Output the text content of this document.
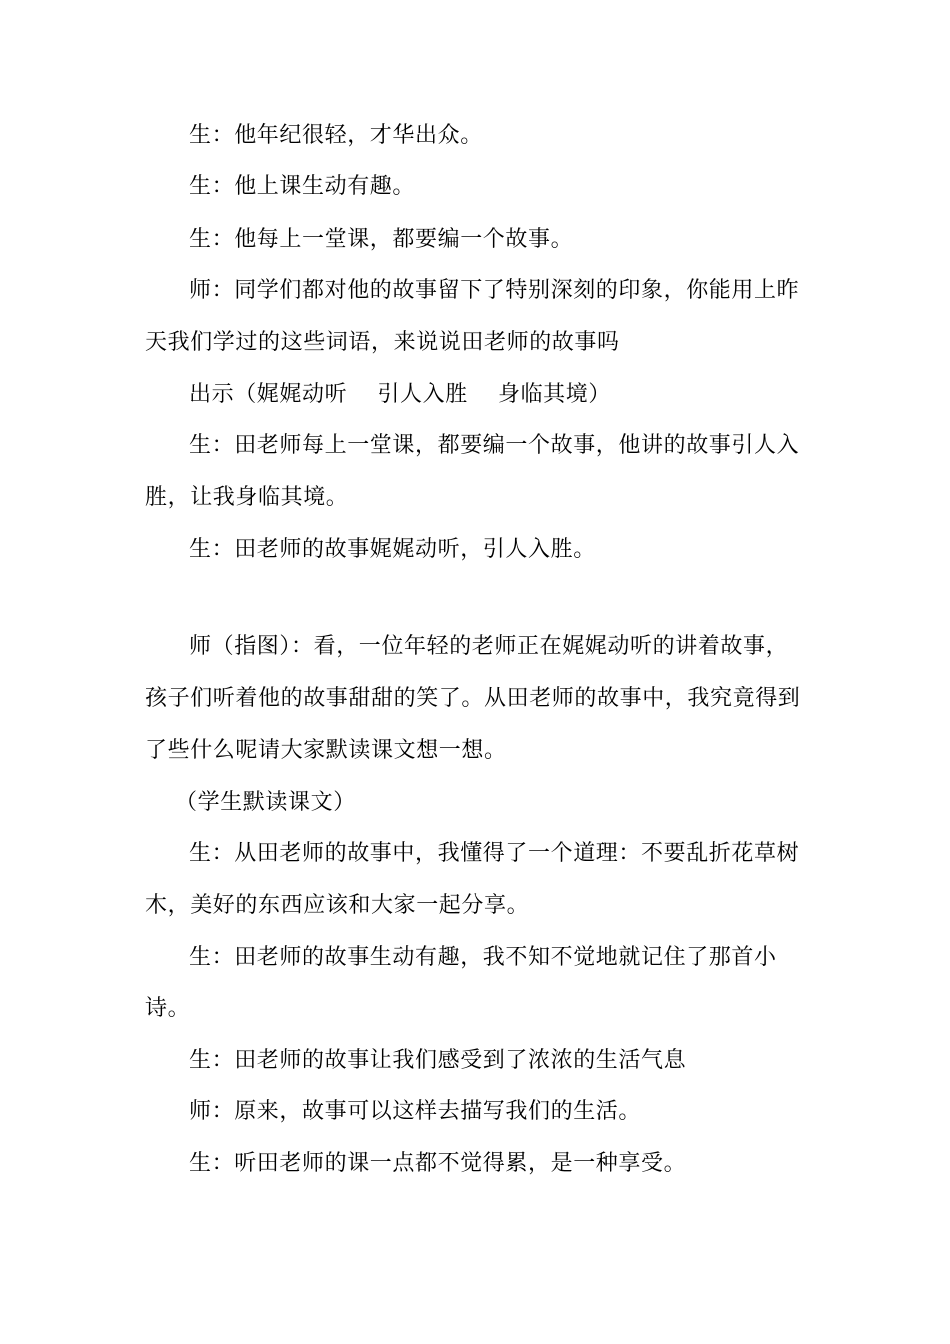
生：他年纪很轻，才华出众。
生：他上课生动有趣。
生：他每上一堂课，都要编一个故事。
师：同学们都对他的故事留下了特别深刻的印象，你能用上昨
天我们学过的这些词语，来说说田老师的故事吗
出示（娓娓动听　 引人入胜　 身临其境）
生：田老师每上一堂课，都要编一个故事，他讲的故事引人入
胜，让我身临其境。
生：田老师的故事娓娓动听，引人入胜。
师（指图）：看，一位年轻的老师正在娓娓动听的讲着故事，
孩子们听着他的故事甜甜的笑了。从田老师的故事中，我究竟得到
了些什么呢请大家默读课文想一想。
（学生默读课文）
生：从田老师的故事中，我懂得了一个道理：不要乱折花草树
木，美好的东西应该和大家一起分享。
生：田老师的故事生动有趣，我不知不觉地就记住了那首小
诗。
生：田老师的故事让我们感受到了浓浓的生活气息
师：原来，故事可以这样去描写我们的生活。
生：听田老师的课一点都不觉得累，是一种享受。
